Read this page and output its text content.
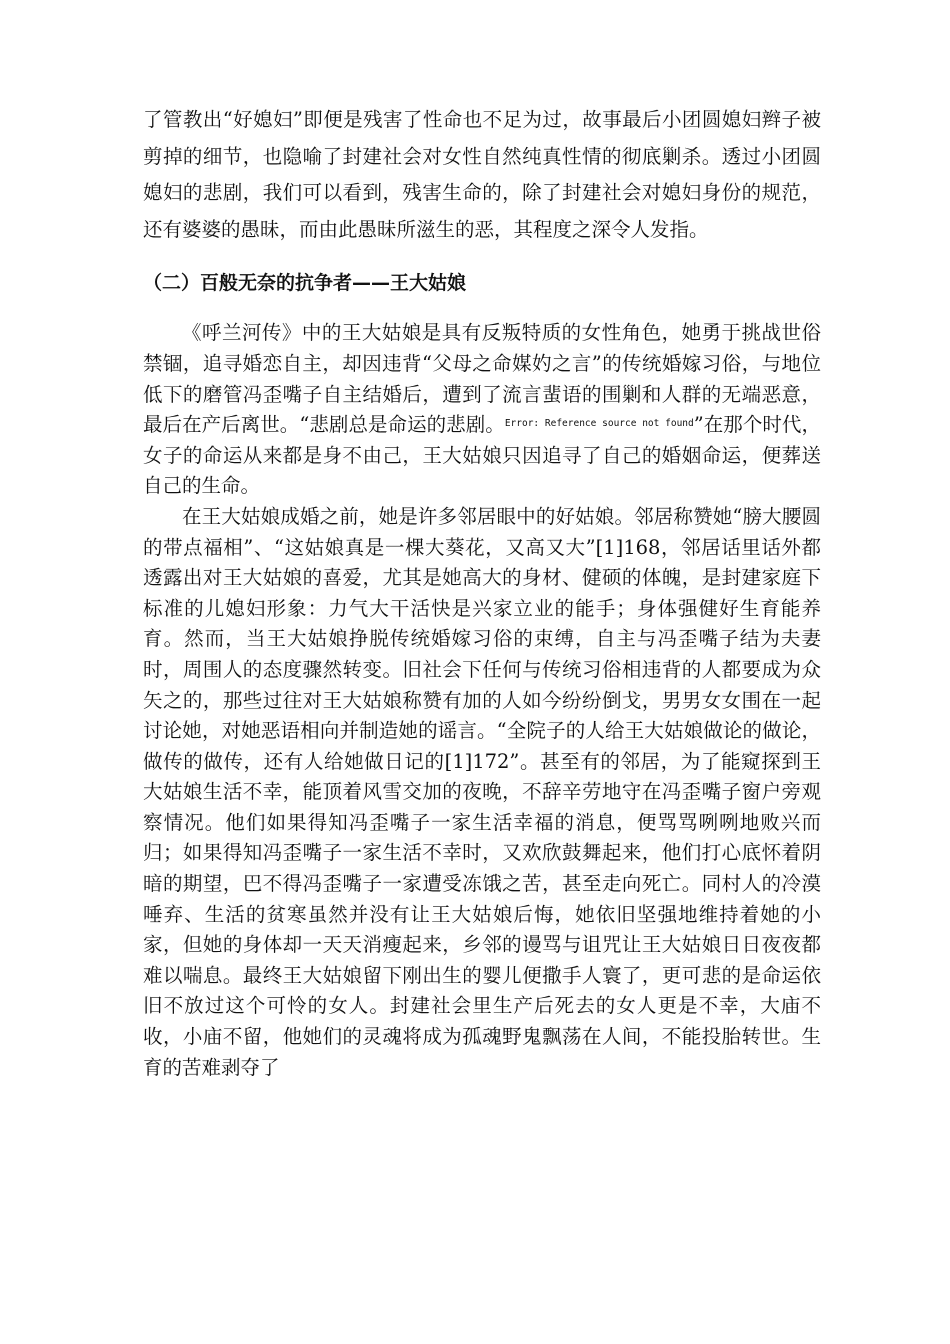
了管教出“好媳妇”即便是残害了性命也不足为过，故事最后小团圆媳妇辫子被剪掉的细节，也隐喻了封建社会对女性自然纯真性情的彻底剿杀。透过小团圆媳妇的悲剧，我们可以看到，残害生命的，除了封建社会对媳妇身份的规范，还有婆婆的愚昧，而由此愚昧所滋生的恶，其程度之深令人发指。

（二）百般无奈的抗争者——王大姑娘

《呼兰河传》中的王大姑娘是具有反叛特质的女性角色，她勇于挑战世俗禁锢，追寻婚恋自主，却因违背“父母之命媒妁之言”的传统婚嫁习俗，与地位低下的磨管冯歪嘴子自主结婚后，遭到了流言蜚语的围剿和人群的无端恶意，最后在产后离世。“悲剧总是命运的悲剧。$^{Error: Reference source not found}$”在那个时代，女子的命运从来都是身不由己，王大姑娘只因追寻了自己的婚姻命运，便葬送自己的生命。

在王大姑娘成婚之前，她是许多邻居眼中的好姑娘。邻居称赞她“膀大腰圆的带点福相”、“这姑娘真是一棵大葵花，又高又大”[1]168，邻居话里话外都透露出对王大姑娘的喜爱，尤其是她高大的身材、健硕的体魄，是封建家庭下标准的儿媳妇形象：力气大干活快是兴家立业的能手；身体强健好生育能养育。然而，当王大姑娘挣脱传统婚嫁习俗的束缚，自主与冯歪嘴子结为夫妻时，周围人的态度骤然转变。旧社会下任何与传统习俗相违背的人都要成为众矢之的，那些过往对王大姑娘称赞有加的人如今纷纷倒戈，男男女女围在一起讨论她，对她恶语相向并制造她的谣言。“全院子的人给王大姑娘做论的做论，做传的做传，还有人给她做日记的[1]172”。甚至有的邻居，为了能窥探到王大姑娘生活不幸，能顶着风雪交加的夜晚，不辞辛劳地守在冯歪嘴子窗户旁观察情况。他们如果得知冯歪嘴子一家生活幸福的消息，便骂骂咧咧地败兴而归；如果得知冯歪嘴子一家生活不幸时，又欢欣鼓舞起来，他们打心底怀着阴暗的期望，巴不得冯歪嘴子一家遭受冻饿之苦，甚至走向死亡。同村人的冷漠唾弃、生活的贫寒虽然并没有让王大姑娘后悔，她依旧坚强地维持着她的小家，但她的身体却一天天消瘦起来，乡邻的谩骂与诅咒让王大姑娘日日夜夜都难以喘息。最终王大姑娘留下刚出生的婴儿便撒手人寰了，更可悲的是命运依旧不放过这个可怜的女人。封建社会里生产后死去的女人更是不幸，大庙不收，小庙不留，他她们的灵魂将成为孤魂野鬼飘荡在人间，不能投胎转世。生育的苦难剥夺了
